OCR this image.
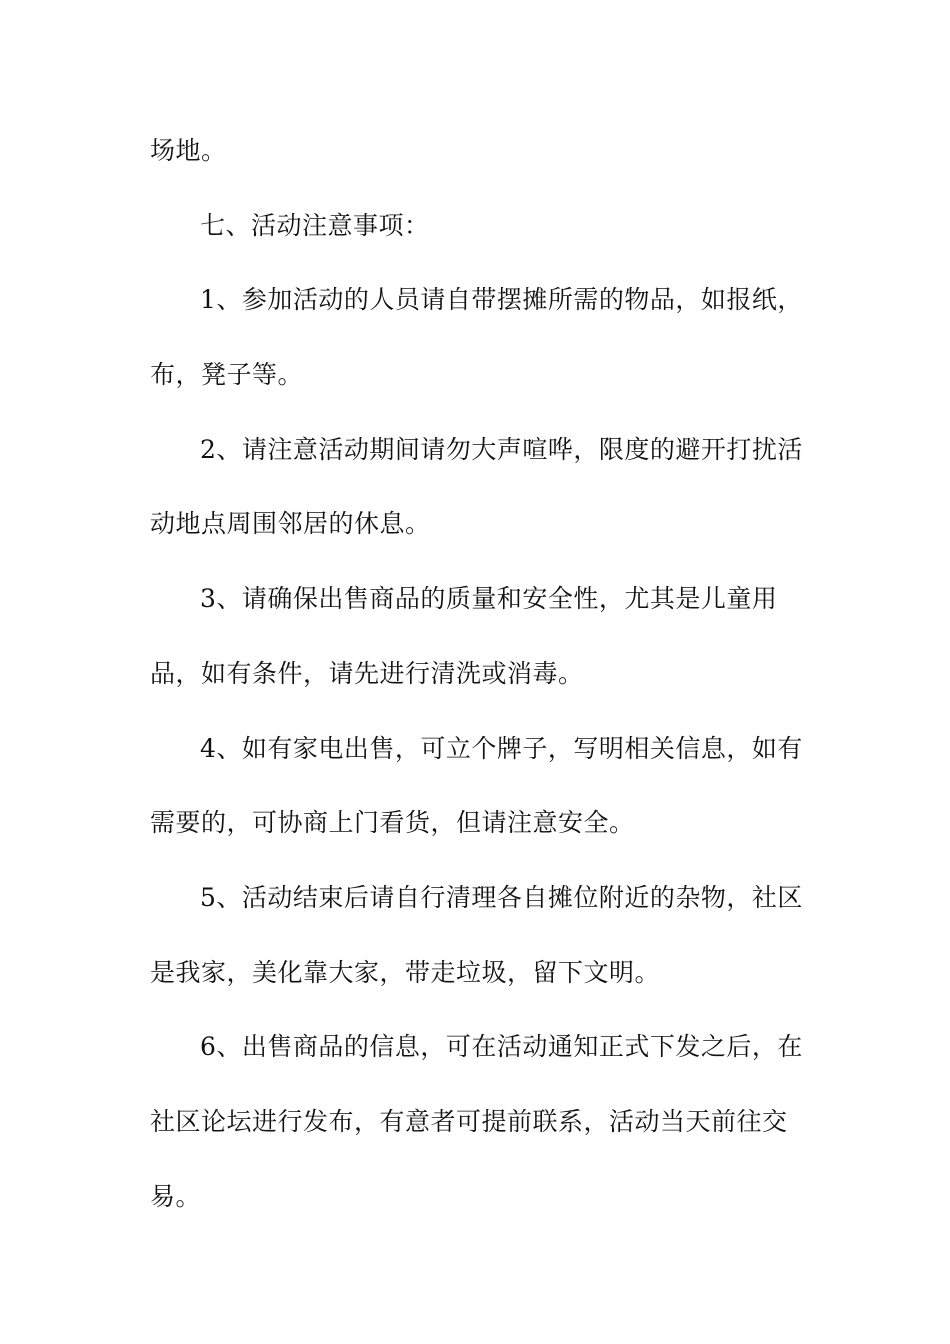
场地。
七、活动注意事项：
1、参加活动的人员请自带摆摊所需的物品，如报纸，
布，凳子等。
2、请注意活动期间请勿大声喧哗，限度的避开打扰活
动地点周围邻居的休息。
3、请确保出售商品的质量和安全性，尤其是儿童用
品，如有条件，请先进行清洗或消毒。
4、如有家电出售，可立个牌子，写明相关信息，如有
需要的，可协商上门看货，但请注意安全。
5、活动结束后请自行清理各自摊位附近的杂物，社区
是我家，美化靠大家，带走垃圾，留下文明。
6、出售商品的信息，可在活动通知正式下发之后，在
社区论坛进行发布，有意者可提前联系，活动当天前往交
易。
